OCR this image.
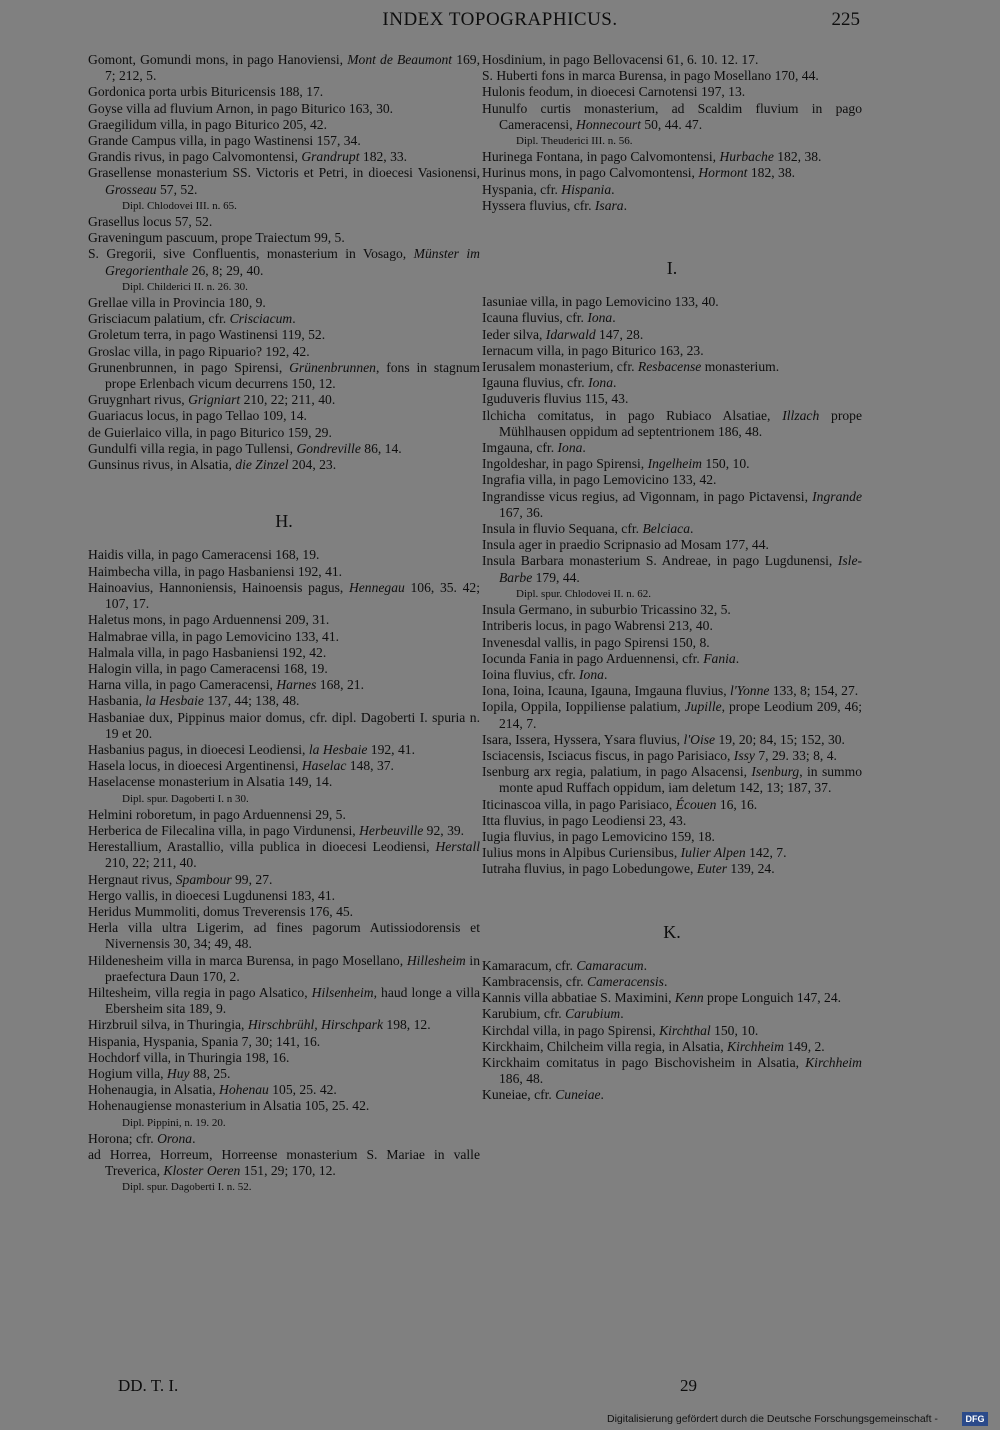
INDEX TOPOGRAPHICUS.	225
Gomont, Gomundi mons, in pago Hanoviensi, Mont de Beaumont 169, 7; 212, 5.
Gordonica porta urbis Bituricensis 188, 17.
Goyse villa ad fluvium Arnon, in pago Biturico 163, 30.
Graegilidum villa, in pago Biturico 205, 42.
Grande Campus villa, in pago Wastinensi 157, 34.
Grandis rivus, in pago Calvomontensi, Grandrupt 182, 33.
Grasellense monasterium SS. Victoris et Petri, in dioecesi Vasionensi, Grosseau 57, 52.
Dipl. Chlodovei III. n. 65.
Grasellus locus 57, 52.
Graveningum pascuum, prope Traiectum 99, 5.
S. Gregorii, sive Confluentis, monasterium in Vosago, Münster im Gregorienthale 26, 8; 29, 40.
Dipl. Childerici II. n. 26. 30.
Grellae villa in Provincia 180, 9.
Grisciacum palatium, cfr. Crisciacum.
Groletum terra, in pago Wastinensi 119, 52.
Groslac villa, in pago Ripuario? 192, 42.
Grunenbrunnen, in pago Spirensi, Grünenbrunnen, fons in stagnum prope Erlenbach vicum decurrens 150, 12.
Gruygnhart rivus, Grigniart 210, 22; 211, 40.
Guariacus locus, in pago Tellao 109, 14.
de Guierlaico villa, in pago Biturico 159, 29.
Gundulfi villa regia, in pago Tullensi, Gondreville 86, 14.
Gunsinus rivus, in Alsatia, die Zinzel 204, 23.
H.
Haidis villa, in pago Cameracensi 168, 19.
Haimbecha villa, in pago Hasbaniensi 192, 41.
Hainoavius, Hannoniensis, Hainoensis pagus, Hennegau 106, 35. 42; 107, 17.
Haletus mons, in pago Arduennensi 209, 31.
Halmabrae villa, in pago Lemovicino 133, 41.
Halmala villa, in pago Hasbaniensi 192, 42.
Halogin villa, in pago Cameracensi 168, 19.
Harna villa, in pago Cameracensi, Harnes 168, 21.
Hasbania, la Hesbaie 137, 44; 138, 48.
Hasbaniae dux, Pippinus maior domus, cfr. dipl. Dagoberti I. spuria n. 19 et 20.
Hasbanius pagus, in dioecesi Leodiensi, la Hesbaie 192, 41.
Hasela locus, in dioecesi Argentinensi, Haselac 148, 37.
Haselacense monasterium in Alsatia 149, 14.
Dipl. spur. Dagoberti I. n 30.
Helmini roboretum, in pago Arduennensi 29, 5.
Herberica de Filecalina villa, in pago Virdunensi, Herbeuville 92, 39.
Herestallium, Arastallio, villa publica in dioecesi Leodiensi, Herstall 210, 22; 211, 40.
Hergnaut rivus, Spambour 99, 27.
Hergo vallis, in dioecesi Lugdunensi 183, 41.
Heridus Mummoliti, domus Treverensis 176, 45.
Herla villa ultra Ligerim, ad fines pagorum Autissiodorensis et Nivernensis 30, 34; 49, 48.
Hildenesheim villa in marca Burensa, in pago Mosellano, Hillesheim in praefectura Daun 170, 2.
Hiltesheim, villa regia in pago Alsatico, Hilsenheim, haud longe a villa Ebersheim sita 189, 9.
Hirzbruil silva, in Thuringia, Hirschbrühl, Hirschpark 198, 12.
Hispania, Hyspania, Spania 7, 30; 141, 16.
Hochdorf villa, in Thuringia 198, 16.
Hogium villa, Huy 88, 25.
Hohenaugia, in Alsatia, Hohenau 105, 25. 42.
Hohenaugiense monasterium in Alsatia 105, 25. 42.
Dipl. Pippini, n. 19. 20.
Horona; cfr. Orona.
ad Horrea, Horreum, Horreense monasterium S. Mariae in valle Treverica, Kloster Oeren 151, 29; 170, 12.
Dipl. spur. Dagoberti I. n. 52.
Hosdinium, in pago Bellovacensi 61, 6. 10. 12. 17.
S. Huberti fons in marca Burensa, in pago Mosellano 170, 44.
Hulonis feodum, in dioecesi Carnotensi 197, 13.
Hunulfo curtis monasterium, ad Scaldim fluvium in pago Cameracensi, Honnecourt 50, 44. 47.
Dipl. Theuderici III. n. 56.
Hurinega Fontana, in pago Calvomontensi, Hurbache 182, 38.
Hurinus mons, in pago Calvomontensi, Hormont 182, 38.
Hyspania, cfr. Hispania.
Hyssera fluvius, cfr. Isara.
I.
Iasuniae villa, in pago Lemovicino 133, 40.
Icauna fluvius, cfr. Iona.
Ieder silva, Idarwald 147, 28.
Iernacum villa, in pago Biturico 163, 23.
Ierusalem monasterium, cfr. Resbacense monasterium.
Igauna fluvius, cfr. Iona.
Iguduveris fluvius 115, 43.
Ilchicha comitatus, in pago Rubiaco Alsatiae, Illzach prope Mühlhausen oppidum ad septentrionem 186, 48.
Imgauna, cfr. Iona.
Ingoldeshar, in pago Spirensi, Ingelheim 150, 10.
Ingrafia villa, in pago Lemovicino 133, 42.
Ingrandisse vicus regius, ad Vigonnam, in pago Pictavensi, Ingrande 167, 36.
Insula in fluvio Sequana, cfr. Belciaca.
Insula ager in praedio Scripnasio ad Mosam 177, 44.
Insula Barbara monasterium S. Andreae, in pago Lugdunensi, Isle-Barbe 179, 44.
Dipl. spur. Chlodovei II. n. 62.
Insula Germano, in suburbio Tricassino 32, 5.
Intriberis locus, in pago Wabrensi 213, 40.
Invenesdal vallis, in pago Spirensi 150, 8.
Iocunda Fania in pago Arduennensi, cfr. Fania.
Ioina fluvius, cfr. Iona.
Iona, Ioina, Icauna, Igauna, Imgauna fluvius, l'Yonne 133, 8; 154, 27.
Iopila, Oppila, Ioppiliense palatium, Jupille, prope Leodium 209, 46; 214, 7.
Isara, Issera, Hyssera, Ysara fluvius, l'Oise 19, 20; 84, 15; 152, 30.
Isciacensis, Isciacus fiscus, in pago Parisiaco, Issy 7, 29. 33; 8, 4.
Isenburg arx regia, palatium, in pago Alsacensi, Isenburg, in summo monte apud Ruffach oppidum, iam deletum 142, 13; 187, 37.
Iticinascoa villa, in pago Parisiaco, Écouen 16, 16.
Itta fluvius, in pago Leodiensi 23, 43.
Iugia fluvius, in pago Lemovicino 159, 18.
Iulius mons in Alpibus Curiensibus, Iulier Alpen 142, 7.
Iutraha fluvius, in pago Lobedungowe, Euter 139, 24.
K.
Kamaracum, cfr. Camaracum.
Kambracensis, cfr. Cameracensis.
Kannis villa abbatiae S. Maximini, Kenn prope Longuich 147, 24.
Karubium, cfr. Carubium.
Kirchdal villa, in pago Spirensi, Kirchthal 150, 10.
Kirckhaim, Chilcheim villa regia, in Alsatia, Kirchheim 149, 2.
Kirckhaim comitatus in pago Bischovisheim in Alsatia, Kirchheim 186, 48.
Kuneiae, cfr. Cuneiae.
DD. T. I.	29
Digitalisierung gefördert durch die Deutsche Forschungsgemeinschaft -	DFG
